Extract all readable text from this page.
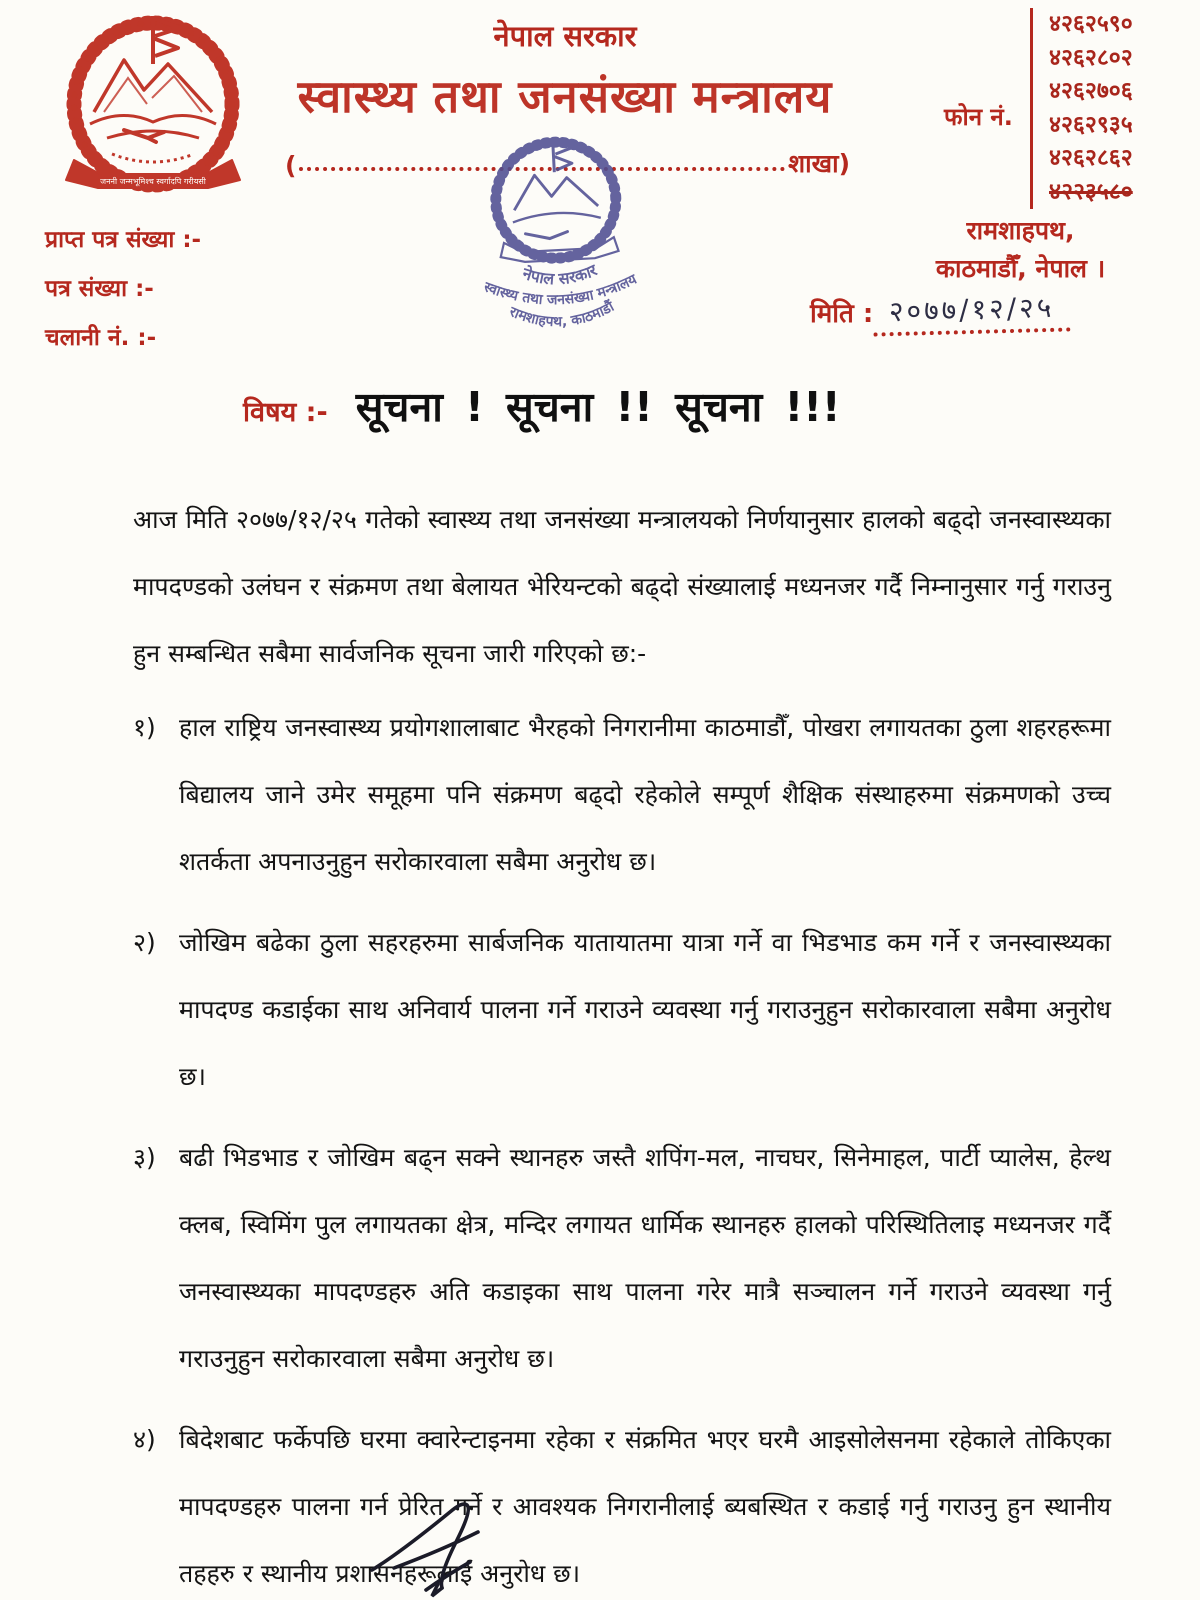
जननी जन्मभूमिश्च स्वर्गादपि गरीयसी
नेपाल सरकार
स्वास्थ्य तथा जनसंख्या मन्त्रालय
(	शाखा)
नेपाल सरकार
स्वास्थ्य तथा जनसंख्या मन्त्रालय
रामशाहपथ, काठमाडौं
फोन नं.
४२६२५९०
४२६२८०२
४२६२७०६
४२६२९३५
४२६२८६२
४२२३५८०
रामशाहपथ,
काठमाडौँ, नेपाल ।
प्राप्त पत्र संख्या :-
पत्र संख्या :-
चलानी नं. :-
मिति : २०७७/१२/२५
विषय :- सूचना ! सूचना !! सूचना !!!
आज मिति २०७७/१२/२५ गतेको स्वास्थ्य तथा जनसंख्या मन्त्रालयको निर्णयानुसार हालको बढ्दो जनस्वास्थ्यका मापदण्डको उलंघन र संक्रमण तथा बेलायत भेरियन्टको बढ्दो संख्यालाई मध्यनजर गर्दै निम्नानुसार गर्नु गराउनु हुन सम्बन्धित सबैमा सार्वजनिक सूचना जारी गरिएको छ:-
१) हाल राष्ट्रिय जनस्वास्थ्य प्रयोगशालाबाट भैरहको निगरानीमा काठमाडौँ, पोखरा लगायतका ठुला शहरहरूमा बिद्यालय जाने उमेर समूहमा पनि संक्रमण बढ्दो रहेकोले सम्पूर्ण शैक्षिक संस्थाहरुमा संक्रमणको उच्च शतर्कता अपनाउनुहुन सरोकारवाला सबैमा अनुरोध छ।
२) जोखिम बढेका ठुला सहरहरुमा सार्बजनिक यातायातमा यात्रा गर्ने वा भिडभाड कम गर्ने र जनस्वास्थ्यका मापदण्ड कडाईका साथ अनिवार्य पालना गर्ने गराउने व्यवस्था गर्नु गराउनुहुन सरोकारवाला सबैमा अनुरोध छ।
३) बढी भिडभाड र जोखिम बढ्न सक्ने स्थानहरु जस्तै शपिंग-मल, नाचघर, सिनेमाहल, पार्टी प्यालेस, हेल्थ क्लब, स्विमिंग पुल लगायतका क्षेत्र, मन्दिर लगायत धार्मिक स्थानहरु हालको परिस्थितिलाइ मध्यनजर गर्दै जनस्वास्थ्यका मापदण्डहरु अति कडाइका साथ पालना गरेर मात्रै सञ्चालन गर्ने गराउने व्यवस्था गर्नु गराउनुहुन सरोकारवाला सबैमा अनुरोध छ।
४) बिदेशबाट फर्केपछि घरमा क्वारेन्टाइनमा रहेका र संक्रमित भएर घरमै आइसोलेसनमा रहेकाले तोकिएका मापदण्डहरु पालना गर्न प्रेरित गर्ने र आवश्यक निगरानीलाई ब्यबस्थित र कडाई गर्नु गराउनु हुन स्थानीय तहहरु र स्थानीय प्रशासनहरूलाई अनुरोध छ।
